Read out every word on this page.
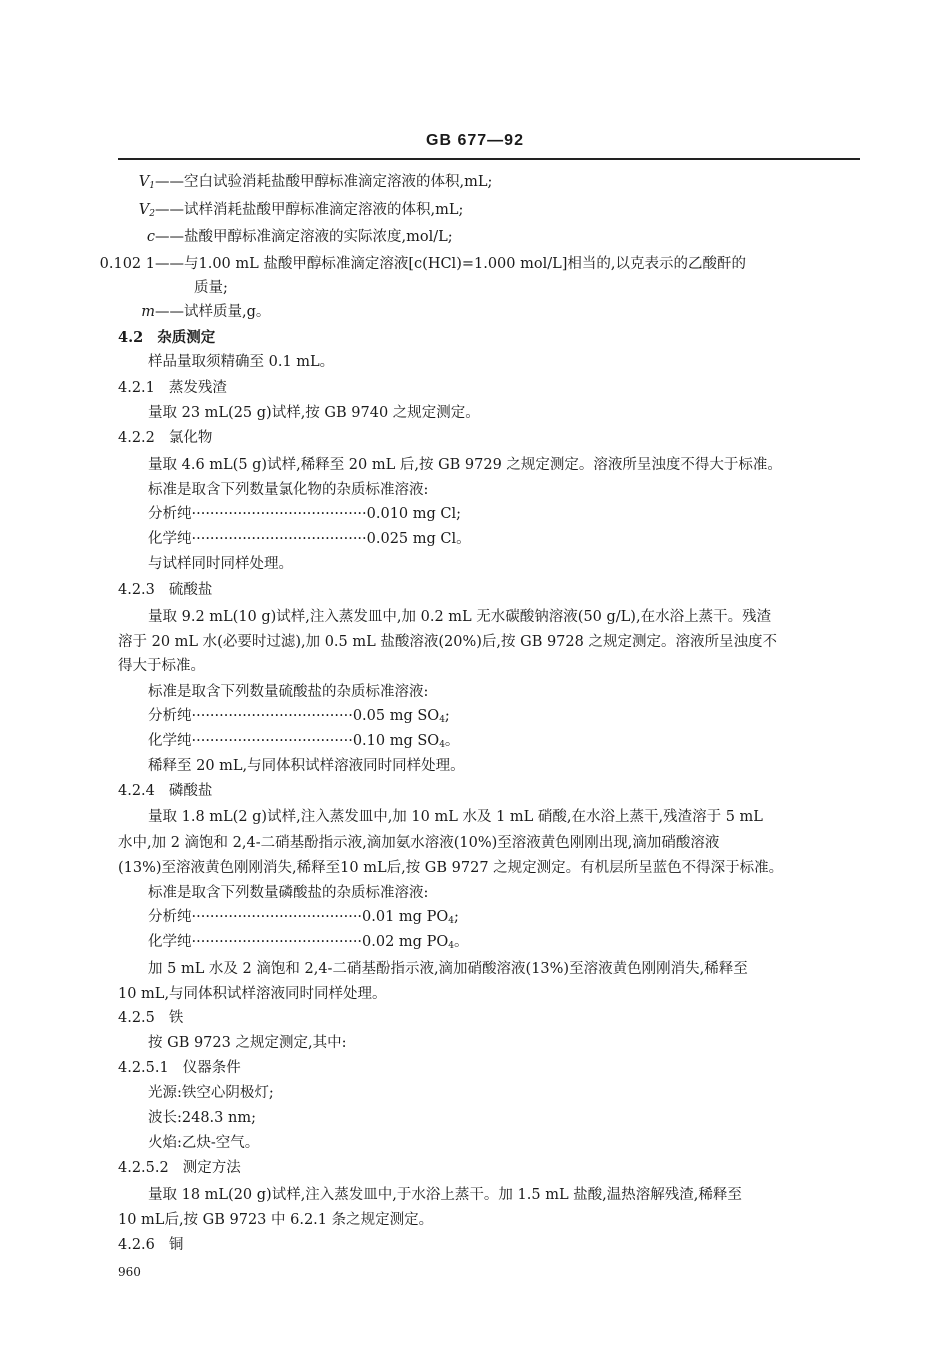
GB 677—92
$V_1——$空白试验消耗盐酸甲醇标准滴定溶液的体积,mL;
$V_2——$试样消耗盐酸甲醇标准滴定溶液的体积,mL;
c——盐酸甲醇标准滴定溶液的实际浓度,mol/L;
0.102 1——与1.00 mL 盐酸甲醇标准滴定溶液[c(HCl)=1.000 mol/L]相当的,以克表示的乙酸酐的
质量;
m——试样质量,g。
4.2 杂质测定
样品量取须精确至 0.1 mL。
4.2.1 蒸发残渣
量取 23 mL(25 g)试样,按 GB 9740 之规定测定。
4.2.2 氯化物
量取 4.6 mL(5 g)试样,稀释至 20 mL 后,按 GB 9729 之规定测定。溶液所呈浊度不得大于标准。
标准是取含下列数量氯化物的杂质标准溶液:
分析纯······································0.010 mg Cl;
化学纯······································0.025 mg Cl。
与试样同时同样处理。
4.2.3 硫酸盐
量取 9.2 mL(10 g)试样,注入蒸发皿中,加 0.2 mL 无水碳酸钠溶液(50 g/L),在水浴上蒸干。残渣
溶于 20 mL 水(必要时过滤),加 0.5 mL 盐酸溶液(20%)后,按 GB 9728 之规定测定。溶液所呈浊度不
得大于标准。
标准是取含下列数量硫酸盐的杂质标准溶液:
分析纯···································0.05 mg $SO_4$;
化学纯···································0.10 mg $SO_4$。
稀释至 20 mL,与同体积试样溶液同时同样处理。
4.2.4 磷酸盐
量取 1.8 mL(2 g)试样,注入蒸发皿中,加 10 mL 水及 1 mL 硝酸,在水浴上蒸干,残渣溶于 5 mL
水中,加 2 滴饱和 2,4-二硝基酚指示液,滴加氨水溶液(10%)至溶液黄色刚刚出现,滴加硝酸溶液
(13%)至溶液黄色刚刚消失,稀释至10 mL后,按 GB 9727 之规定测定。有机层所呈蓝色不得深于标准。
标准是取含下列数量磷酸盐的杂质标准溶液:
分析纯·····································0.01 mg $PO_4$;
化学纯·····································0.02 mg $PO_4$。
加 5 mL 水及 2 滴饱和 2,4-二硝基酚指示液,滴加硝酸溶液(13%)至溶液黄色刚刚消失,稀释至
10 mL,与同体积试样溶液同时同样处理。
4.2.5 铁
按 GB 9723 之规定测定,其中:
4.2.5.1 仪器条件
光源:铁空心阴极灯;
波长:248.3 nm;
火焰:乙炔-空气。
4.2.5.2 测定方法
量取 18 mL(20 g)试样,注入蒸发皿中,于水浴上蒸干。加 1.5 mL 盐酸,温热溶解残渣,稀释至
10 mL后,按 GB 9723 中 6.2.1 条之规定测定。
4.2.6 铜
960
